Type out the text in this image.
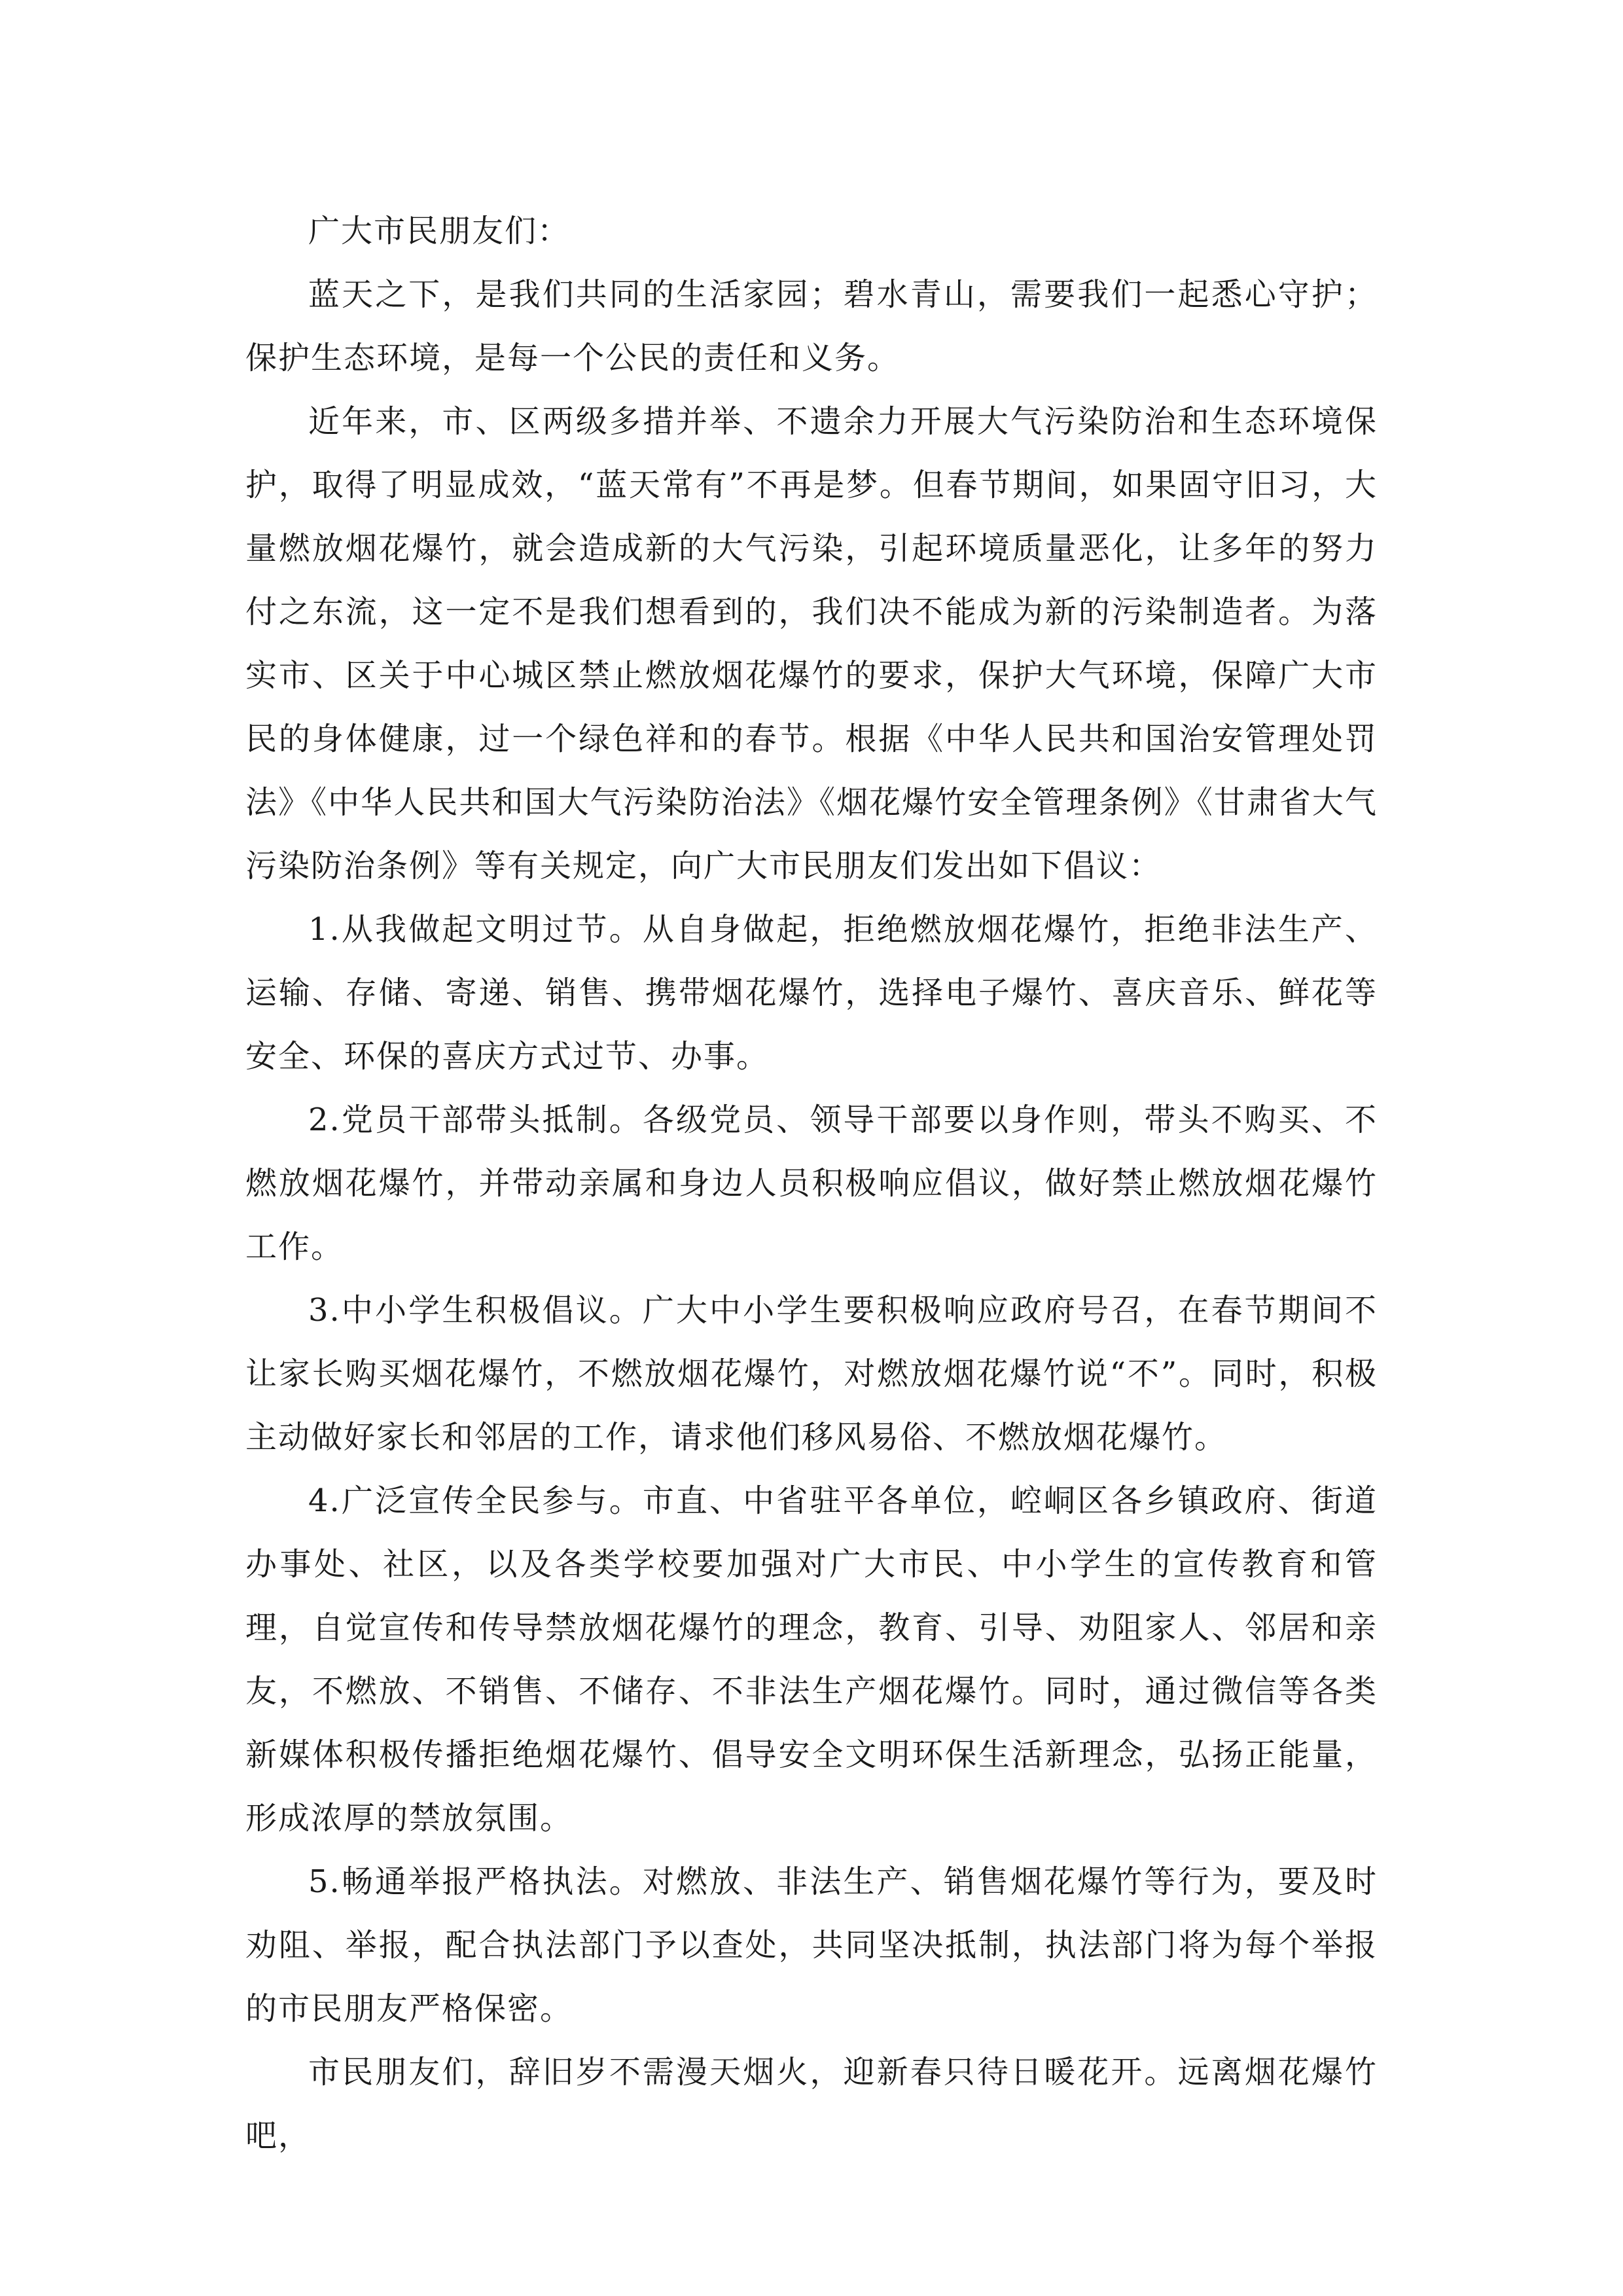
广大市民朋友们：

蓝天之下，是我们共同的生活家园；碧水青山，需要我们一起悉心守护；保护生态环境，是每一个公民的责任和义务。

近年来，市、区两级多措并举、不遗余力开展大气污染防治和生态环境保护，取得了明显成效，“蓝天常有”不再是梦。但春节期间，如果固守旧习，大量燃放烟花爆竹，就会造成新的大气污染，引起环境质量恶化，让多年的努力付之东流，这一定不是我们想看到的，我们决不能成为新的污染制造者。为落实市、区关于中心城区禁止燃放烟花爆竹的要求，保护大气环境，保障广大市民的身体健康，过一个绿色祥和的春节。根据《中华人民共和国治安管理处罚法》《中华人民共和国大气污染防治法》《烟花爆竹安全管理条例》《甘肃省大气污染防治条例》等有关规定，向广大市民朋友们发出如下倡议：

1.从我做起文明过节。从自身做起，拒绝燃放烟花爆竹，拒绝非法生产、运输、存储、寄递、销售、携带烟花爆竹，选择电子爆竹、喜庆音乐、鲜花等安全、环保的喜庆方式过节、办事。

2.党员干部带头抵制。各级党员、领导干部要以身作则，带头不购买、不燃放烟花爆竹，并带动亲属和身边人员积极响应倡议，做好禁止燃放烟花爆竹工作。

3.中小学生积极倡议。广大中小学生要积极响应政府号召，在春节期间不让家长购买烟花爆竹，不燃放烟花爆竹，对燃放烟花爆竹说“不”。同时，积极主动做好家长和邻居的工作，请求他们移风易俗、不燃放烟花爆竹。

4.广泛宣传全民参与。市直、中省驻平各单位，崆峒区各乡镇政府、街道办事处、社区，以及各类学校要加强对广大市民、中小学生的宣传教育和管理，自觉宣传和传导禁放烟花爆竹的理念，教育、引导、劝阻家人、邻居和亲友，不燃放、不销售、不储存、不非法生产烟花爆竹。同时，通过微信等各类新媒体积极传播拒绝烟花爆竹、倡导安全文明环保生活新理念，弘扬正能量，形成浓厚的禁放氛围。

5.畅通举报严格执法。对燃放、非法生产、销售烟花爆竹等行为，要及时劝阻、举报，配合执法部门予以查处，共同坚决抵制，执法部门将为每个举报的市民朋友严格保密。

市民朋友们，辞旧岁不需漫天烟火，迎新春只待日暖花开。远离烟花爆竹吧，
